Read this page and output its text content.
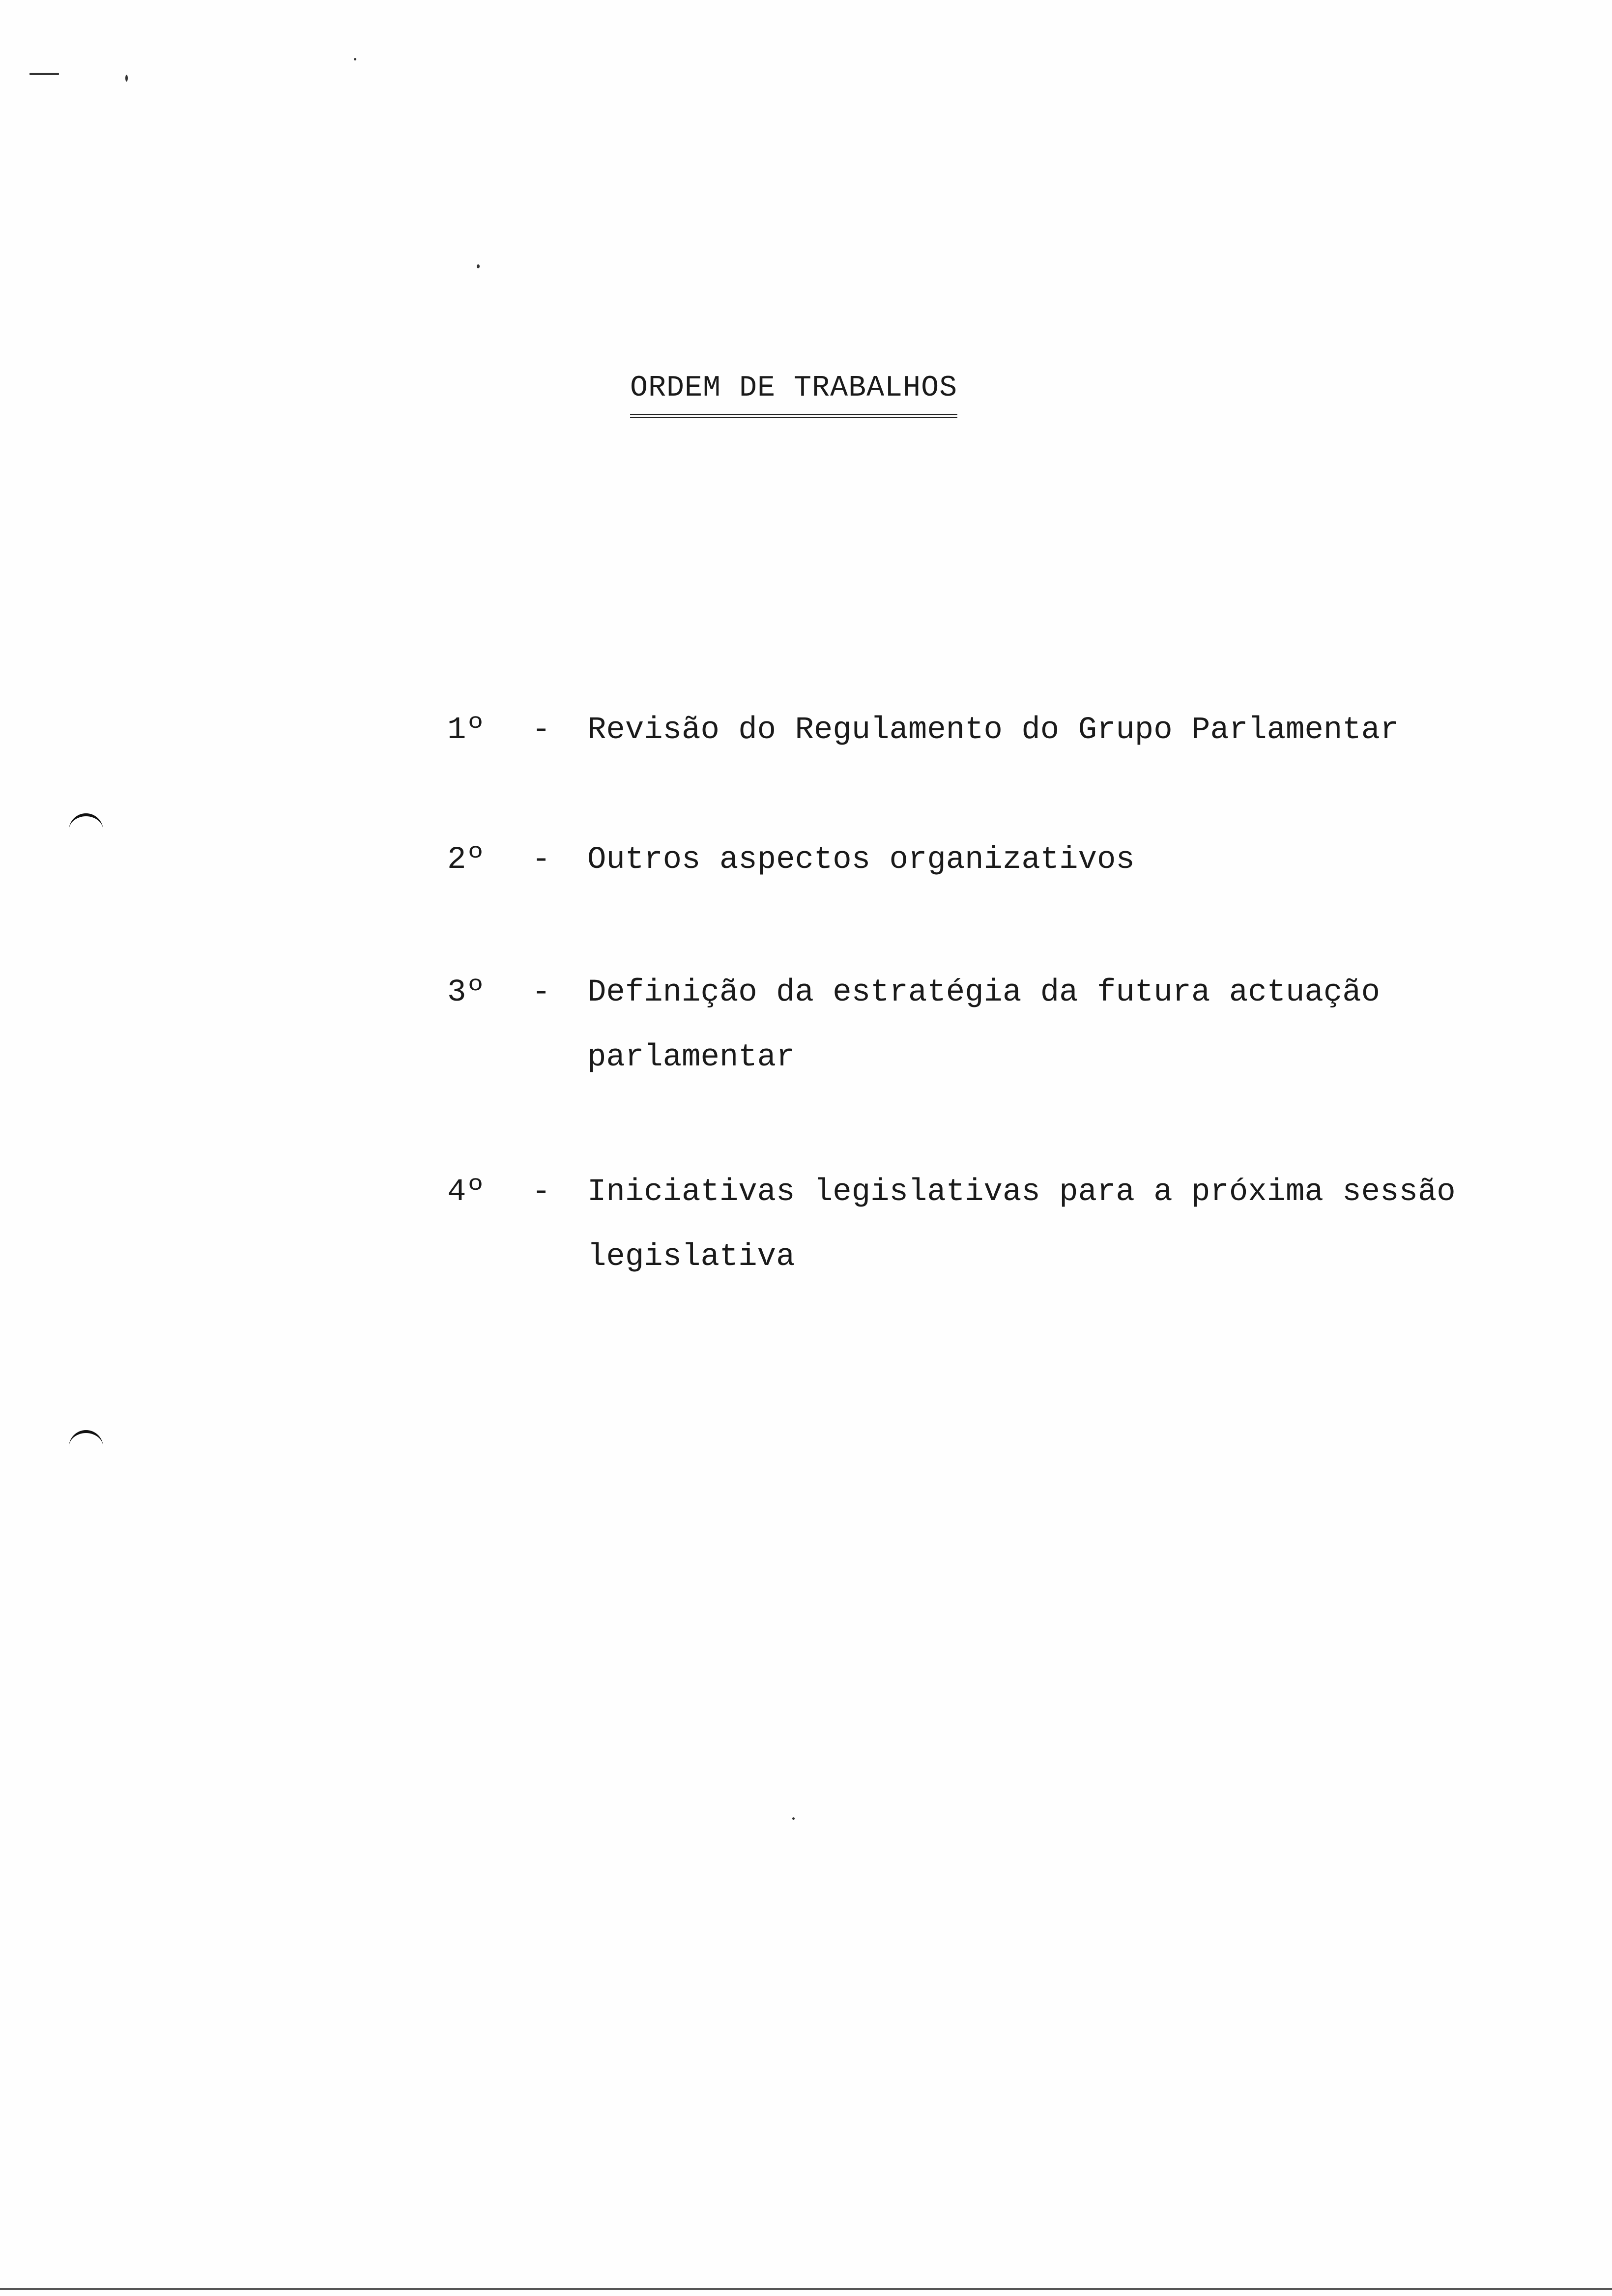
ORDEM DE TRABALHOS
1º - Revisão do Regulamento do Grupo Parlamentar
2º - Outros aspectos organizativos
3º - Definição da estratégia da futura actuação
parlamentar
4º - Iniciativas legislativas para a próxima sessão
legislativa
